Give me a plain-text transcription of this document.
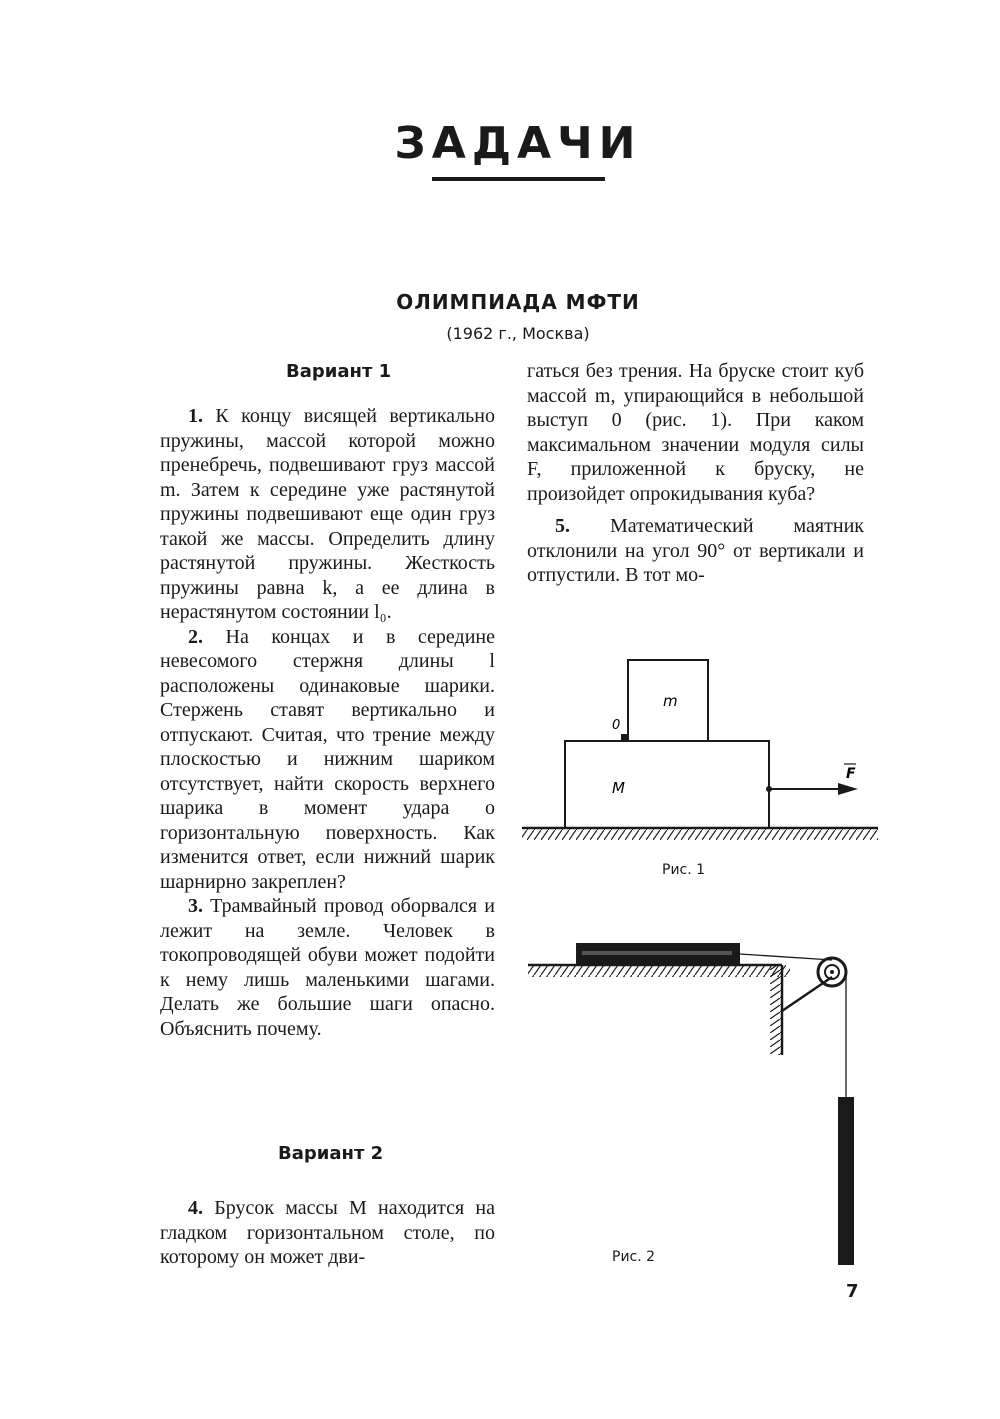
ЗАДАЧИ
ОЛИМПИАДА МФТИ
(1962 г., Москва)
Вариант 1

1. К концу висящей вертикально пружины, массой которой можно пренебречь, подвешивают груз массой m. Затем к середине уже растянутой пружины подвешивают еще один груз такой же массы. Определить длину растянутой пружины. Жесткость пружины равна k, а ее длина в нерастянутом состоянии l₀.

2. На концах и в середине невесомого стержня длины l расположены одинаковые шарики. Стержень ставят вертикально и отпускают. Считая, что трение между плоскостью и нижним шариком отсутствует, найти скорость верхнего шарика в момент удара о горизонтальную поверхность. Как изменится ответ, если нижний шарик шарнирно закреплен?

3. Трамвайный провод оборвался и лежит на земле. Человек в токопроводящей обуви может подойти к нему лишь маленькими шагами. Делать же большие шаги опасно. Объяснить почему.

Вариант 2

4. Брусок массы M находится на гладком горизонтальном столе, по которому он может дви-

гаться без трения. На бруске стоит куб массой m, упирающийся в небольшой выступ 0 (рис. 1). При каком максимальном значении модуля силы F, приложенной к бруску, не произойдет опрокидывания куба?

5. Математический маятник отклонили на угол 90° от вертикали и отпустили. В тот мо-

m
M
0
F
Рис. 1
Рис. 2
7
